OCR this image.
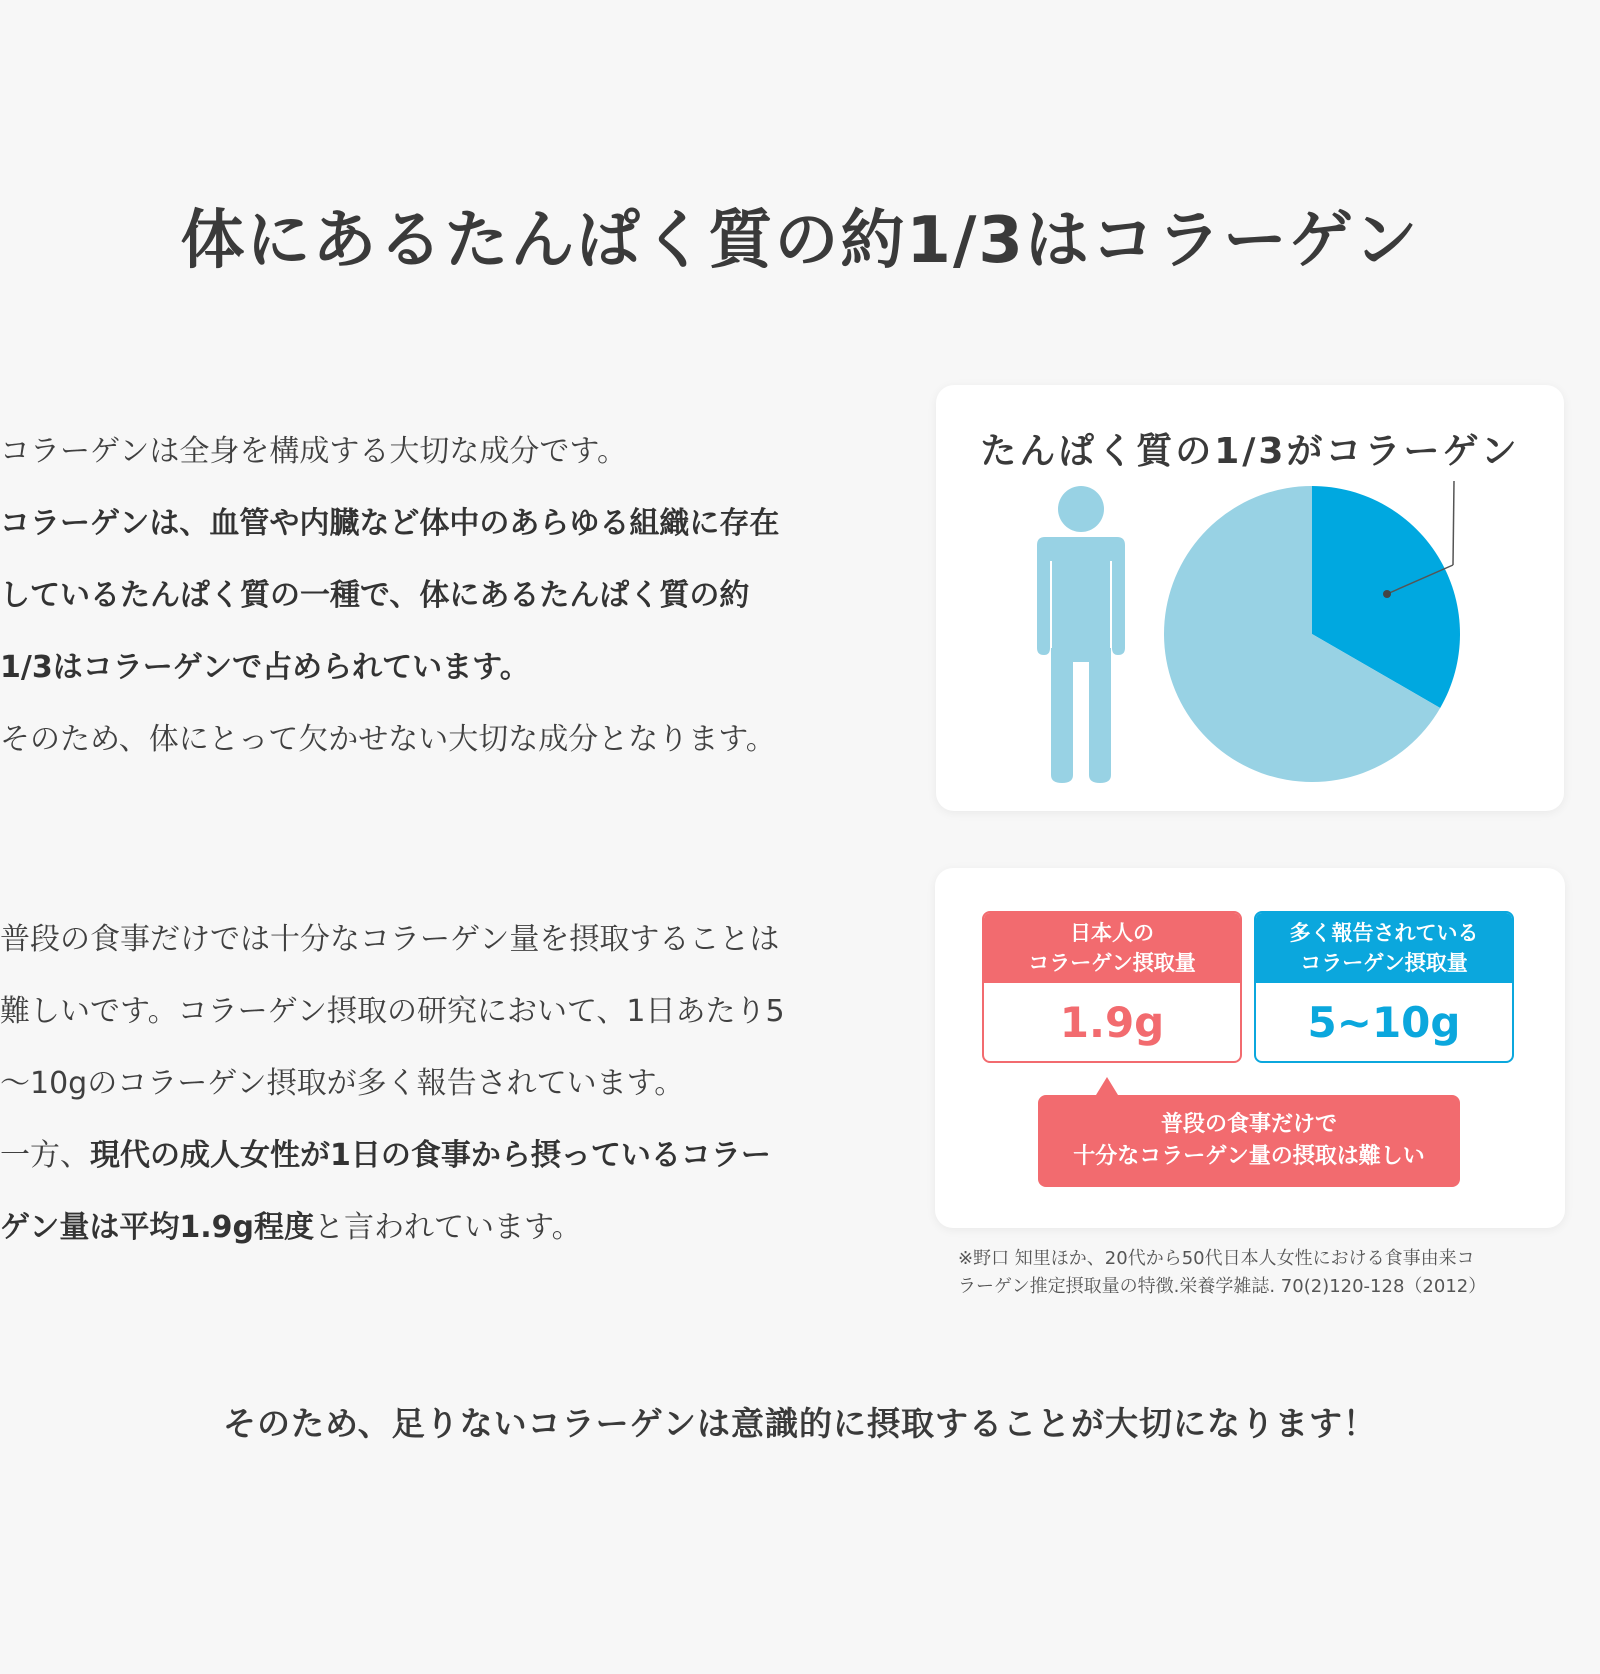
体にあるたんぱく質の約1/3はコラーゲン
コラーゲンは全身を構成する大切な成分です。
コラーゲンは、血管や内臓など体中のあらゆる組織に存在
しているたんぱく質の一種で、体にあるたんぱく質の約
1/3はコラーゲンで占められています。
そのため、体にとって欠かせない大切な成分となります。
たんぱく質の1/3がコラーゲン
普段の食事だけでは十分なコラーゲン量を摂取することは
難しいです。コラーゲン摂取の研究において、1日あたり5
〜10gのコラーゲン摂取が多く報告されています。
一方、現代の成人女性が1日の食事から摂っているコラー
ゲン量は平均1.9g程度と言われています。
日本人の
コラーゲン摂取量
1.9g
多く報告されている
コラーゲン摂取量
5~10g
普段の食事だけで
十分なコラーゲン量の摂取は難しい
※野口 知里ほか、20代から50代日本人女性における食事由来コ
ラーゲン推定摂取量の特徴.栄養学雑誌. 70(2)120-128（2012）
そのため、足りないコラーゲンは意識的に摂取することが大切になります！
